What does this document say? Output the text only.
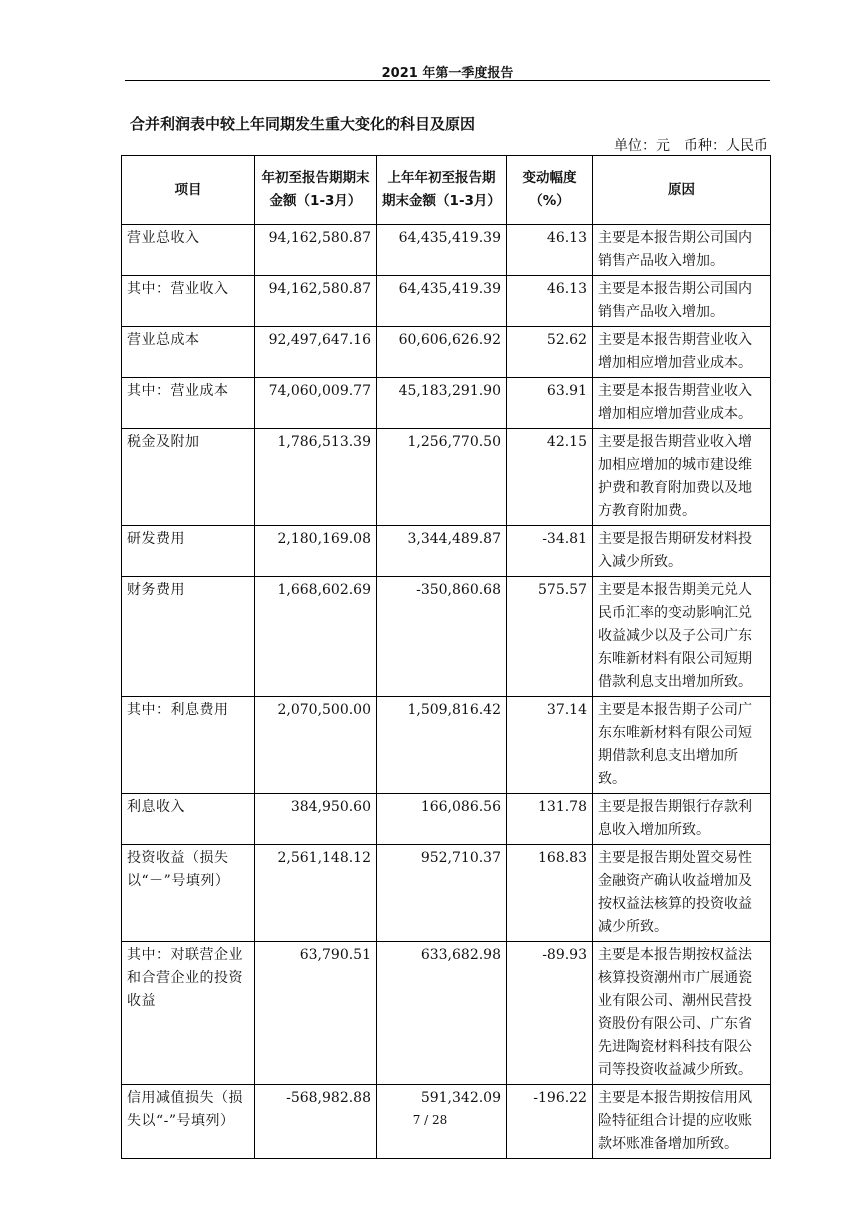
2021 年第一季度报告
合并利润表中较上年同期发生重大变化的科目及原因
单位：元　币种：人民币
项目	年初至报告期期末金额（1-3月）	上年年初至报告期期末金额（1-3月）	变动幅度（%）	原因
营业总收入	94,162,580.87	64,435,419.39	46.13	主要是本报告期公司国内销售产品收入增加。
其中：营业收入	94,162,580.87	64,435,419.39	46.13	主要是本报告期公司国内销售产品收入增加。
营业总成本	92,497,647.16	60,606,626.92	52.62	主要是本报告期营业收入增加相应增加营业成本。
其中：营业成本	74,060,009.77	45,183,291.90	63.91	主要是本报告期营业收入增加相应增加营业成本。
税金及附加	1,786,513.39	1,256,770.50	42.15	主要是报告期营业收入增加相应增加的城市建设维护费和教育附加费以及地方教育附加费。
研发费用	2,180,169.08	3,344,489.87	-34.81	主要是报告期研发材料投入减少所致。
财务费用	1,668,602.69	-350,860.68	575.57	主要是本报告期美元兑人民币汇率的变动影响汇兑收益减少以及子公司广东东唯新材料有限公司短期借款利息支出增加所致。
其中：利息费用	2,070,500.00	1,509,816.42	37.14	主要是本报告期子公司广东东唯新材料有限公司短期借款利息支出增加所致。
利息收入	384,950.60	166,086.56	131.78	主要是报告期银行存款利息收入增加所致。
投资收益（损失以“－”号填列）	2,561,148.12	952,710.37	168.83	主要是报告期处置交易性金融资产确认收益增加及按权益法核算的投资收益减少所致。
其中：对联营企业和合营企业的投资收益	63,790.51	633,682.98	-89.93	主要是本报告期按权益法核算投资潮州市广展通瓷业有限公司、潮州民营投资股份有限公司、广东省先进陶瓷材料科技有限公司等投资收益减少所致。
信用减值损失（损失以“-”号填列）	-568,982.88	591,342.09	-196.22	主要是本报告期按信用风险特征组合计提的应收账款坏账准备增加所致。
7 / 28
